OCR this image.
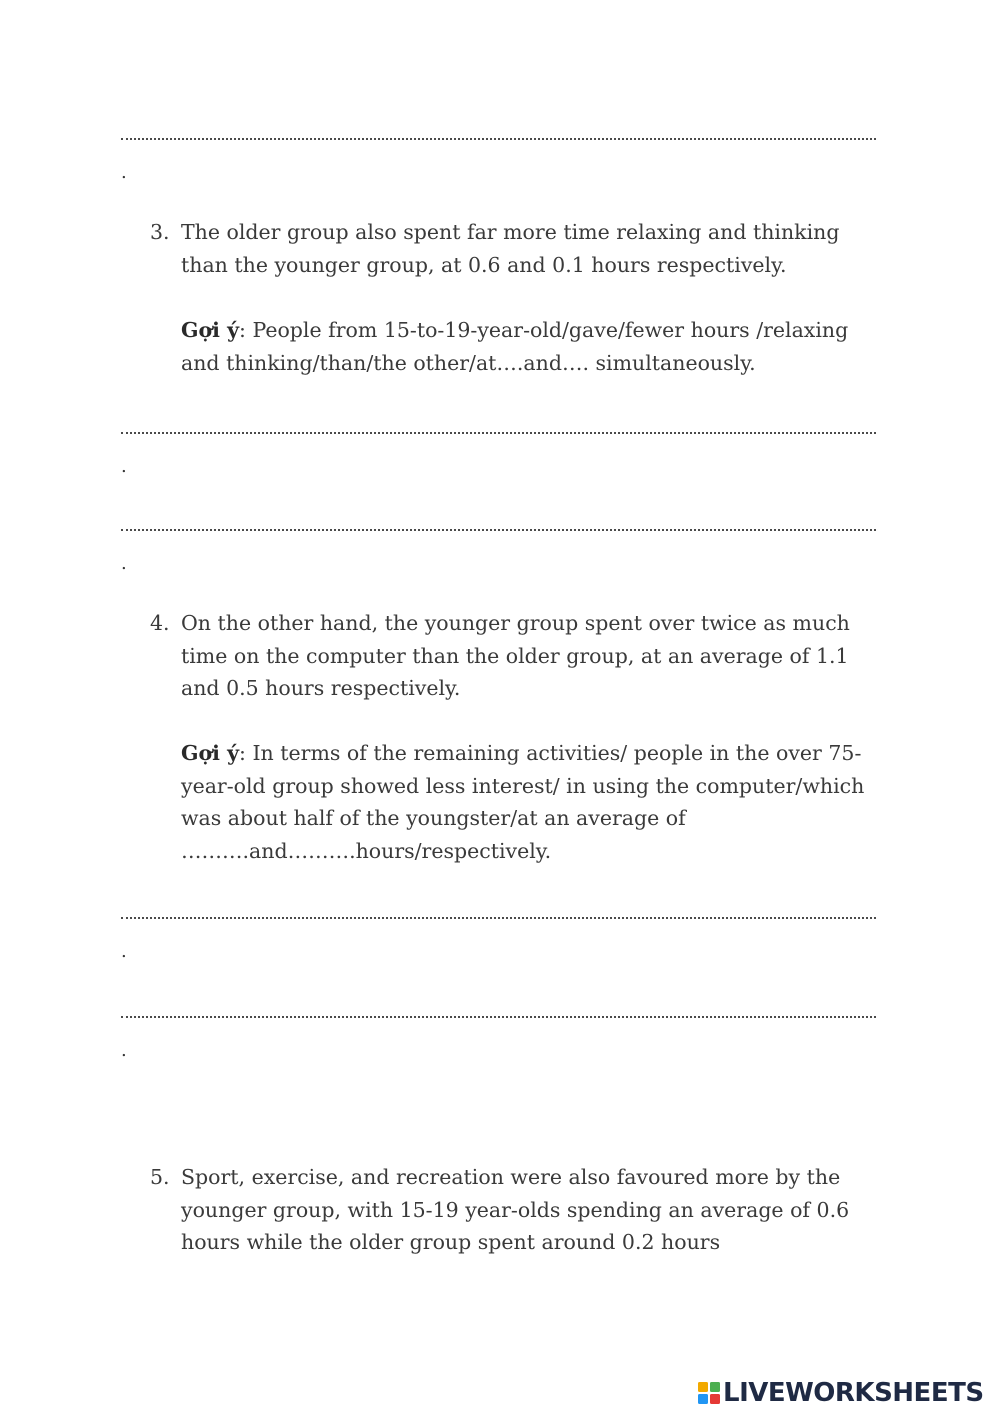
.
3. The older group also spent far more time relaxing and thinking than the younger group, at 0.6 and 0.1 hours respectively.
Gợi ý: People from 15-to-19-year-old/gave/fewer hours /relaxing and thinking/than/the other/at….and…. simultaneously.
.
.
4. On the other hand, the younger group spent over twice as much time on the computer than the older group, at an average of 1.1 and 0.5 hours respectively.
Gợi ý: In terms of the remaining activities/ people in the over 75-year-old group showed less interest/ in using the computer/which was about half of the youngster/at an average of ……….and……….hours/respectively.
.
.
5. Sport, exercise, and recreation were also favoured more by the younger group, with 15-19 year-olds spending an average of 0.6 hours while the older group spent around 0.2 hours
LIVEWORKSHEETS
